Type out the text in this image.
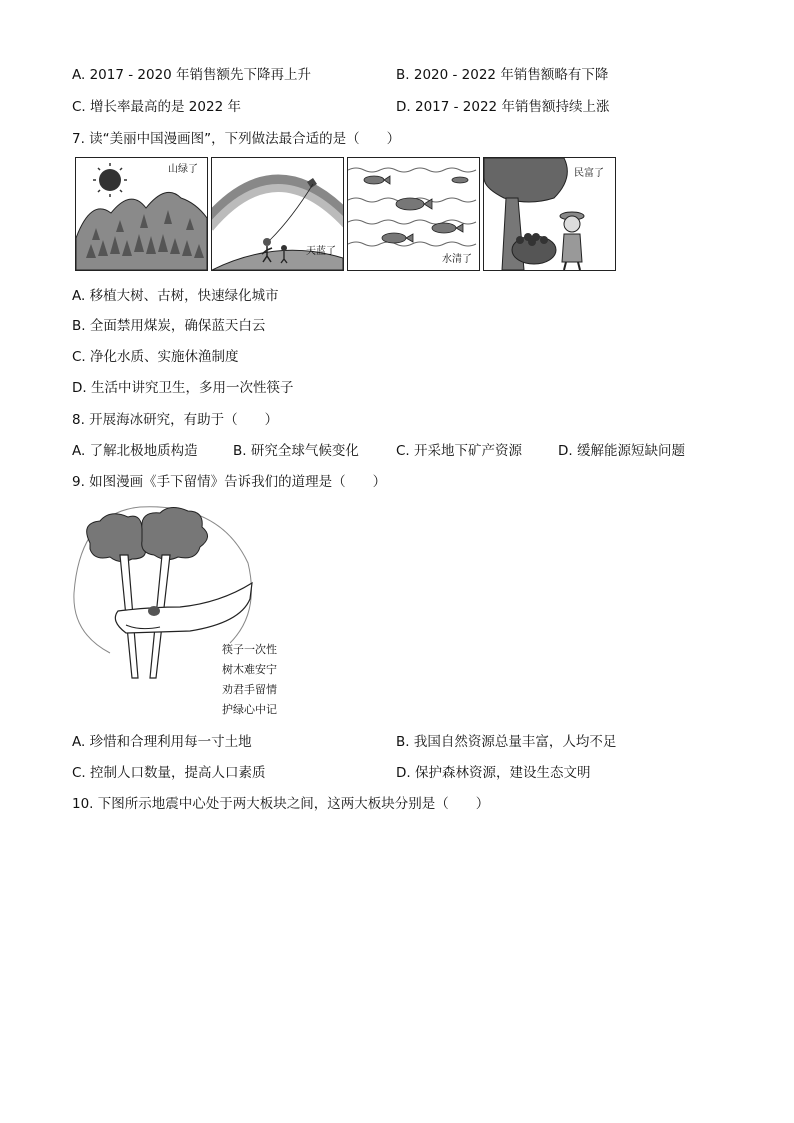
A. 2017 - 2020 年销售额先下降再上升	B. 2020 - 2022 年销售额略有下降
C. 增长率最高的是 2022 年	D. 2017 - 2022 年销售额持续上涨
7. 读“美丽中国漫画图”，下列做法最合适的是（　　）
山绿了
天蓝了
水清了
民富了
A. 移植大树、古树，快速绿化城市
B. 全面禁用煤炭，确保蓝天白云
C. 净化水质、实施休渔制度
D. 生活中讲究卫生，多用一次性筷子
8. 开展海冰研究，有助于（　　）
A. 了解北极地质构造	B. 研究全球气候变化	C. 开采地下矿产资源	D. 缓解能源短缺问题
9. 如图漫画《手下留情》告诉我们的道理是（　　）
筷子一次性
树木难安宁
劝君手留情
护绿心中记
A. 珍惜和合理利用每一寸土地	B. 我国自然资源总量丰富，人均不足
C. 控制人口数量，提高人口素质	D. 保护森林资源，建设生态文明
10. 下图所示地震中心处于两大板块之间，这两大板块分别是（　　）
